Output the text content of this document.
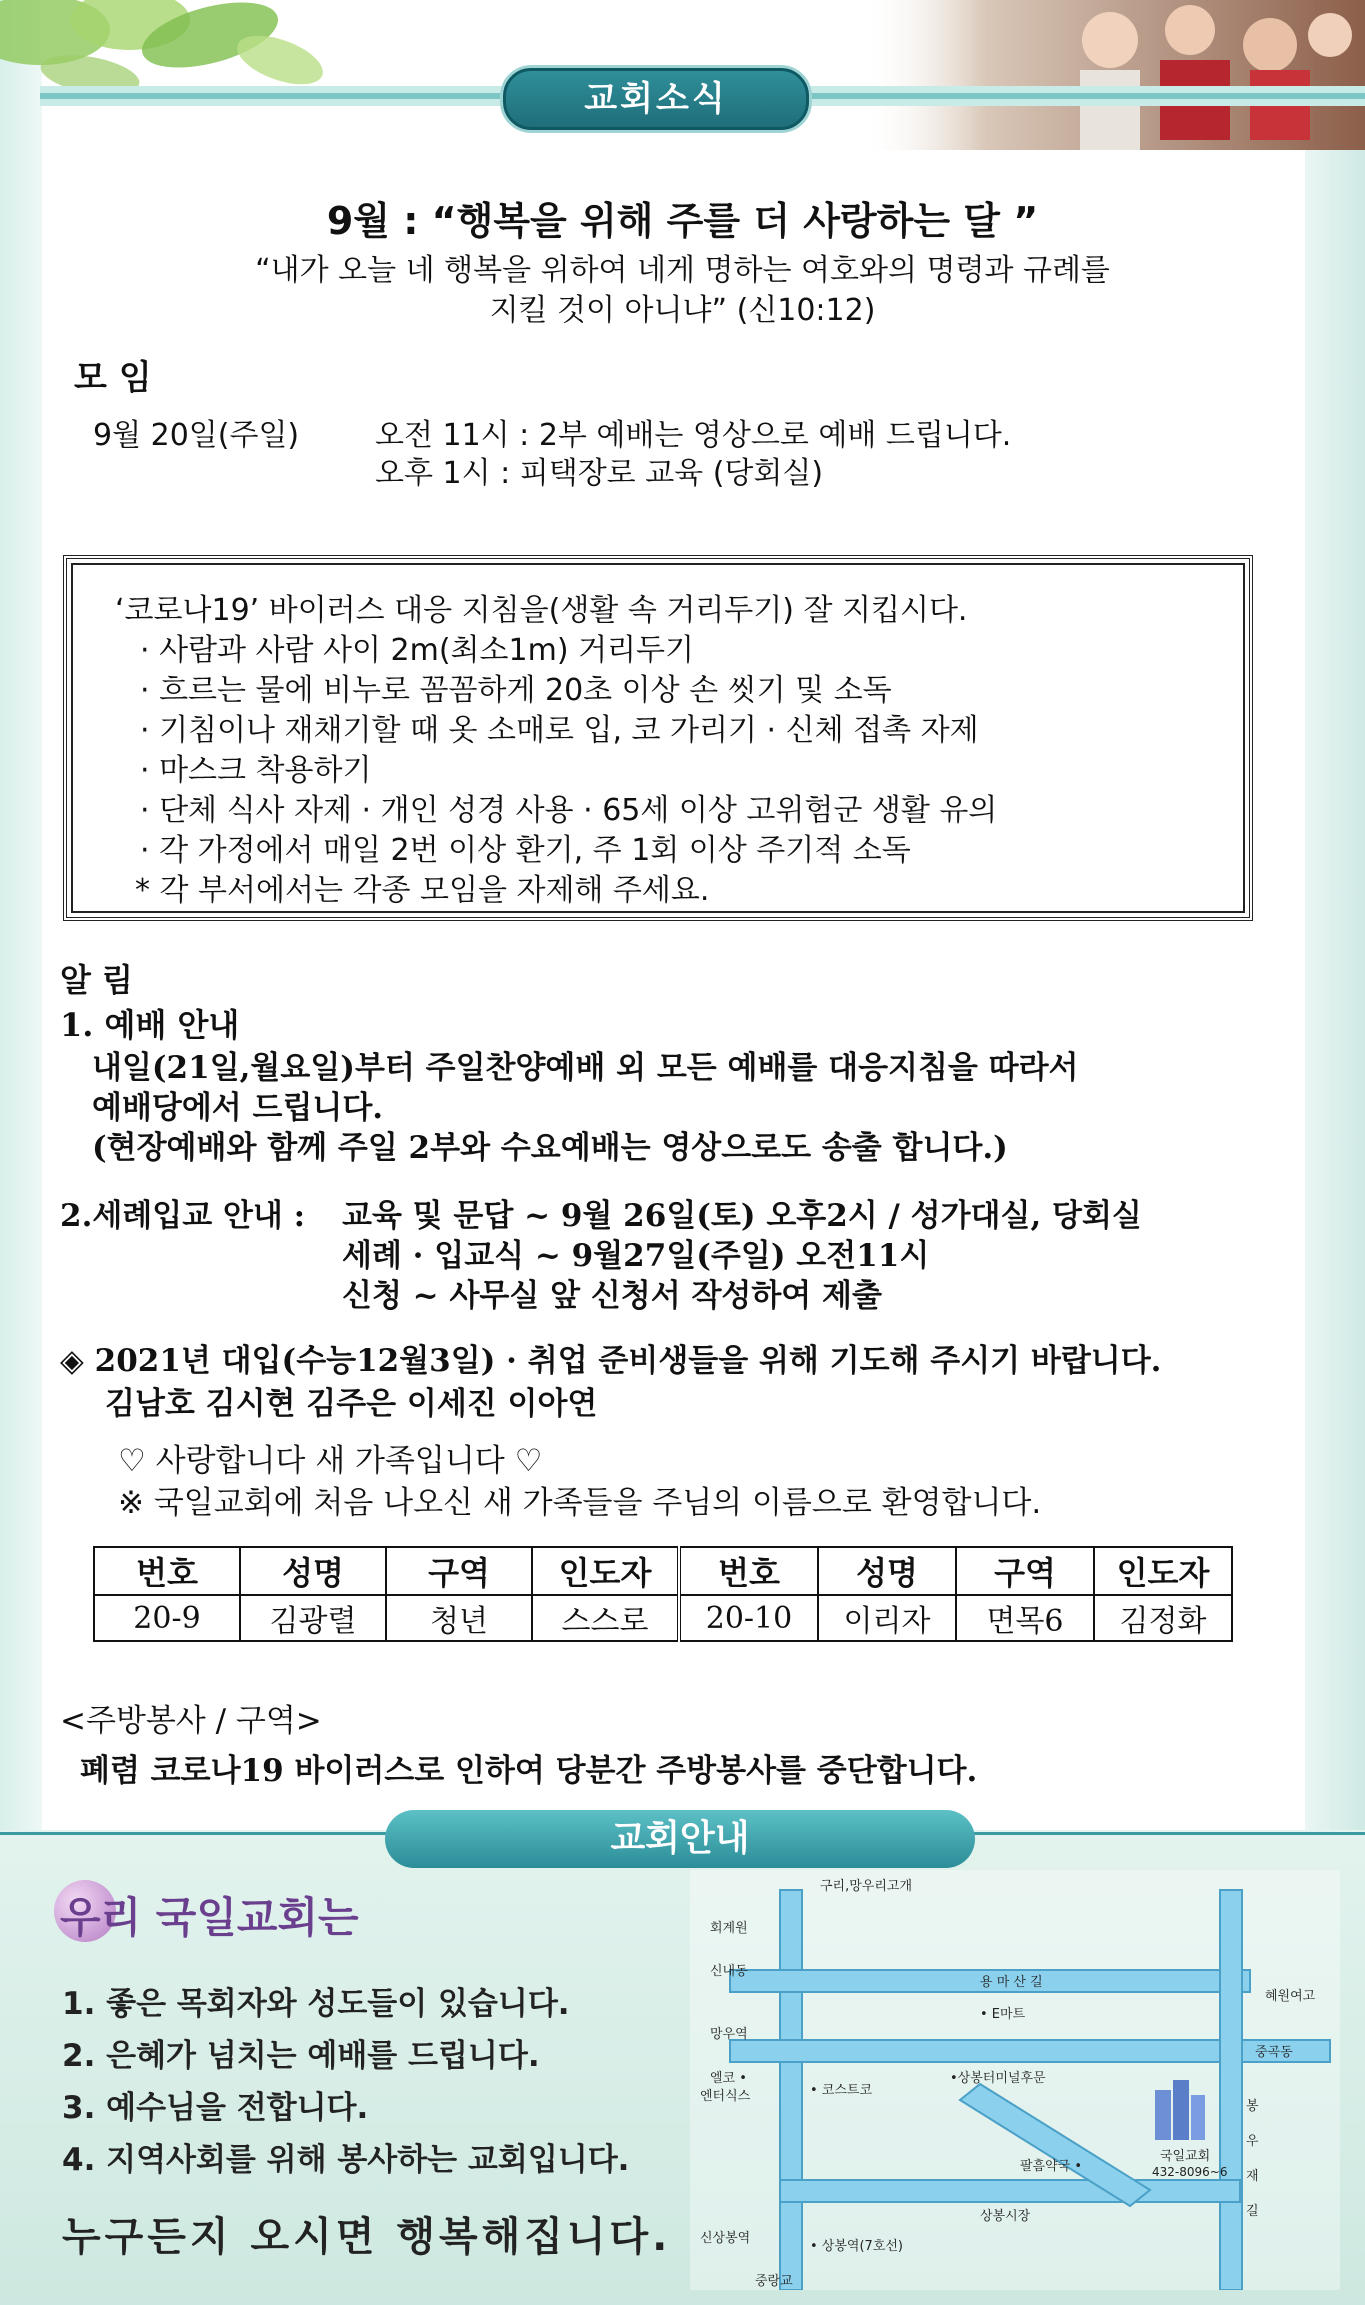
교회소식
9월 : “행복을 위해 주를 더 사랑하는 달 ”
“내가 오늘 네 행복을 위하여 네게 명하는 여호와의 명령과 규례를
지킬 것이 아니냐” (신10:12)
모임
9월 20일(주일)	오전 11시 : 2부 예배는 영상으로 예배 드립니다.
오후 1시 : 피택장로 교육 (당회실)
‘코로나19’ 바이러스 대응 지침을(생활 속 거리두기) 잘 지킵시다.
· 사람과 사람 사이 2m(최소1m) 거리두기
· 흐르는 물에 비누로 꼼꼼하게 20초 이상 손 씻기 및 소독
· 기침이나 재채기할 때 옷 소매로 입, 코 가리기 · 신체 접촉 자제
· 마스크 착용하기
· 단체 식사 자제 · 개인 성경 사용 · 65세 이상 고위험군 생활 유의
· 각 가정에서 매일 2번 이상 환기, 주 1회 이상 주기적 소독
* 각 부서에서는 각종 모임을 자제해 주세요.
알 림
1. 예배 안내
내일(21일,월요일)부터 주일찬양예배 외 모든 예배를 대응지침을 따라서
예배당에서 드립니다.
(현장예배와 함께 주일 2부와 수요예배는 영상으로도 송출 합니다.)
2.세례입교 안내 : 교육 및 문답 ~ 9월 26일(토) 오후2시 / 성가대실, 당회실
세례 · 입교식 ~ 9월27일(주일) 오전11시
신청 ~ 사무실 앞 신청서 작성하여 제출
◈ 2021년 대입(수능12월3일) · 취업 준비생들을 위해 기도해 주시기 바랍니다.
김남호 김시현 김주은 이세진 이아연
♡ 사랑합니다 새 가족입니다 ♡
※ 국일교회에 처음 나오신 새 가족들을 주님의 이름으로 환영합니다.
번호	성명	구역	인도자	번호	성명	구역	인도자
20-9	김광렬	청년	스스로	20-10	이리자	면목6	김정화
<주방봉사 / 구역>
폐렴 코로나19 바이러스로 인하여 당분간 주방봉사를 중단합니다.
교회안내
우리 국일교회는
1. 좋은 목회자와 성도들이 있습니다.
2. 은혜가 넘치는 예배를 드립니다.
3. 예수님을 전합니다.
4. 지역사회를 위해 봉사하는 교회입니다.
누구든지 오시면 행복해집니다.
구리,망우리고개
회계원
용 마 산 길
신내동
• E마트
혜원여고
망우역
중곡동
엘코 •
엔터식스	• 코스트코
•상봉터미널후문
국일교회
432-8096~6
팔흠약국 •
상봉시장
신상봉역
• 상봉역(7호선)
중랑교
봉
우
재
길
